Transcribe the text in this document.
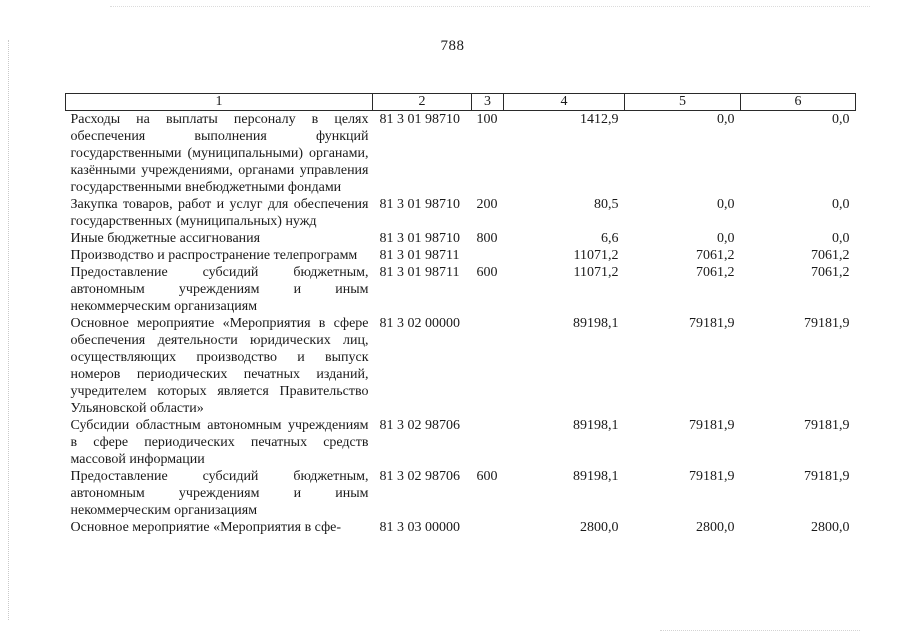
788
1	2	3	4	5	6
Расходы на выплаты персоналу в целях обеспечения выполнения функций государственными (муниципальными) органами, казёнными учреждениями, органами управления государственными внебюджетными фондами	81 3 01 98710	100	1412,9	0,0	0,0
Закупка товаров, работ и услуг для обеспечения государственных (муниципальных) нужд	81 3 01 98710	200	80,5	0,0	0,0
Иные бюджетные ассигнования	81 3 01 98710	800	6,6	0,0	0,0
Производство и распространение телепрограмм	81 3 01 98711		11071,2	7061,2	7061,2
Предоставление субсидий бюджетным, автономным учреждениям и иным некоммерческим организациям	81 3 01 98711	600	11071,2	7061,2	7061,2
Основное мероприятие «Мероприятия в сфере обеспечения деятельности юридических лиц, осуществляющих производство и выпуск номеров периодических печатных изданий, учредителем которых является Правительство Ульяновской области»	81 3 02 00000		89198,1	79181,9	79181,9
Субсидии областным автономным учреждениям в сфере периодических печатных средств массовой информации	81 3 02 98706		89198,1	79181,9	79181,9
Предоставление субсидий бюджетным, автономным учреждениям и иным некоммерческим организациям	81 3 02 98706	600	89198,1	79181,9	79181,9
Основное мероприятие «Мероприятия в сфе-	81 3 03 00000		2800,0	2800,0	2800,0
